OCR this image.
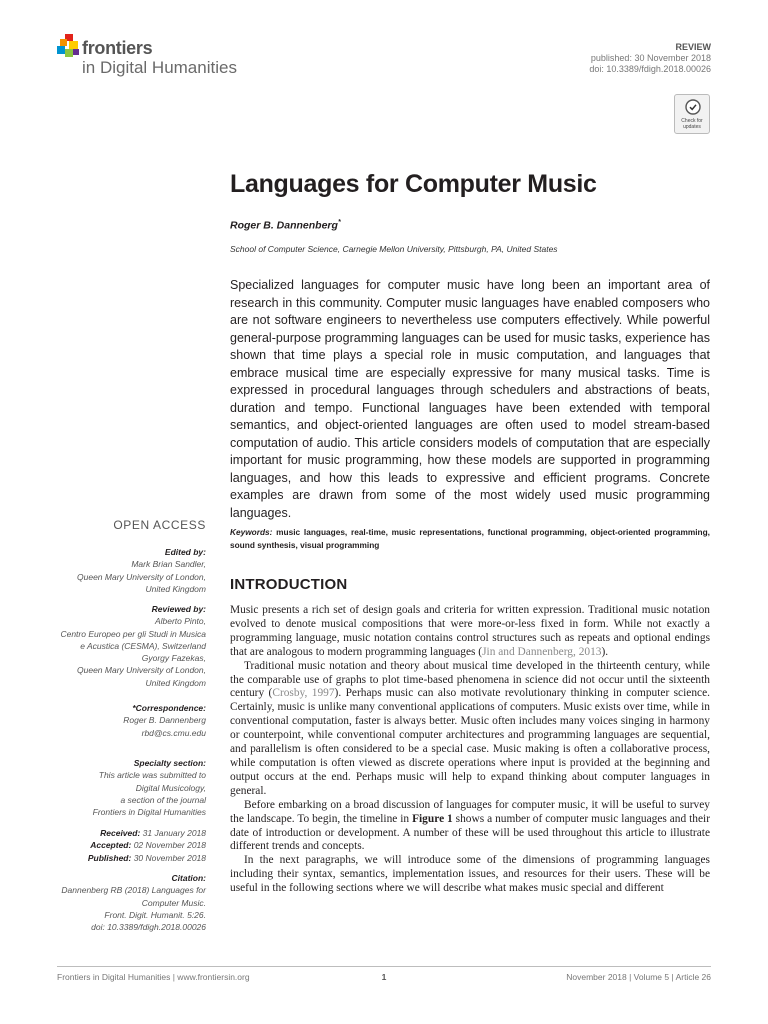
frontiers
in Digital Humanities
REVIEW
published: 30 November 2018
doi: 10.3389/fdigh.2018.00026
Check for
updates
Languages for Computer Music
Roger B. Dannenberg*
School of Computer Science, Carnegie Mellon University, Pittsburgh, PA, United States
Specialized languages for computer music have long been an important area of research in this community. Computer music languages have enabled composers who are not software engineers to nevertheless use computers effectively. While powerful general-purpose programming languages can be used for music tasks, experience has shown that time plays a special role in music computation, and languages that embrace musical time are especially expressive for many musical tasks. Time is expressed in procedural languages through schedulers and abstractions of beats, duration and tempo. Functional languages have been extended with temporal semantics, and object-oriented languages are often used to model stream-based computation of audio. This article considers models of computation that are especially important for music programming, how these models are supported in programming languages, and how this leads to expressive and efficient programs. Concrete examples are drawn from some of the most widely used music programming languages.
Keywords: music languages, real-time, music representations, functional programming, object-oriented programming, sound synthesis, visual programming
OPEN ACCESS
Edited by:
Mark Brian Sandler,
Queen Mary University of London,
United Kingdom
Reviewed by:
Alberto Pinto,
Centro Europeo per gli Studi in Musica
e Acustica (CESMA), Switzerland
Gyorgy Fazekas,
Queen Mary University of London,
United Kingdom
*Correspondence:
Roger B. Dannenberg
rbd@cs.cmu.edu
Specialty section:
This article was submitted to
Digital Musicology,
a section of the journal
Frontiers in Digital Humanities
Received: 31 January 2018
Accepted: 02 November 2018
Published: 30 November 2018
Citation:
Dannenberg RB (2018) Languages for
Computer Music.
Front. Digit. Humanit. 5:26.
doi: 10.3389/fdigh.2018.00026
INTRODUCTION

Music presents a rich set of design goals and criteria for written expression. Traditional music notation evolved to denote musical compositions that were more-or-less fixed in form. While not exactly a programming language, music notation contains control structures such as repeats and optional endings that are analogous to modern programming languages (Jin and Dannenberg, 2013).

Traditional music notation and theory about musical time developed in the thirteenth century, while the comparable use of graphs to plot time-based phenomena in science did not occur until the sixteenth century (Crosby, 1997). Perhaps music can also motivate revolutionary thinking in computer science. Certainly, music is unlike many conventional applications of computers. Music exists over time, while in conventional computation, faster is always better. Music often includes many voices singing in harmony or counterpoint, while conventional computer architectures and programming languages are sequential, and parallelism is often considered to be a special case. Music making is often a collaborative process, while computation is often viewed as discrete operations where input is provided at the beginning and output occurs at the end. Perhaps music will help to expand thinking about computer languages in general.

Before embarking on a broad discussion of languages for computer music, it will be useful to survey the landscape. To begin, the timeline in Figure 1 shows a number of computer music languages and their date of introduction or development. A number of these will be used throughout this article to illustrate different trends and concepts.

In the next paragraphs, we will introduce some of the dimensions of programming languages including their syntax, semantics, implementation issues, and resources for their users. These will be useful in the following sections where we will describe what makes music special and different

Frontiers in Digital Humanities | www.frontiersin.org	1	November 2018 | Volume 5 | Article 26
